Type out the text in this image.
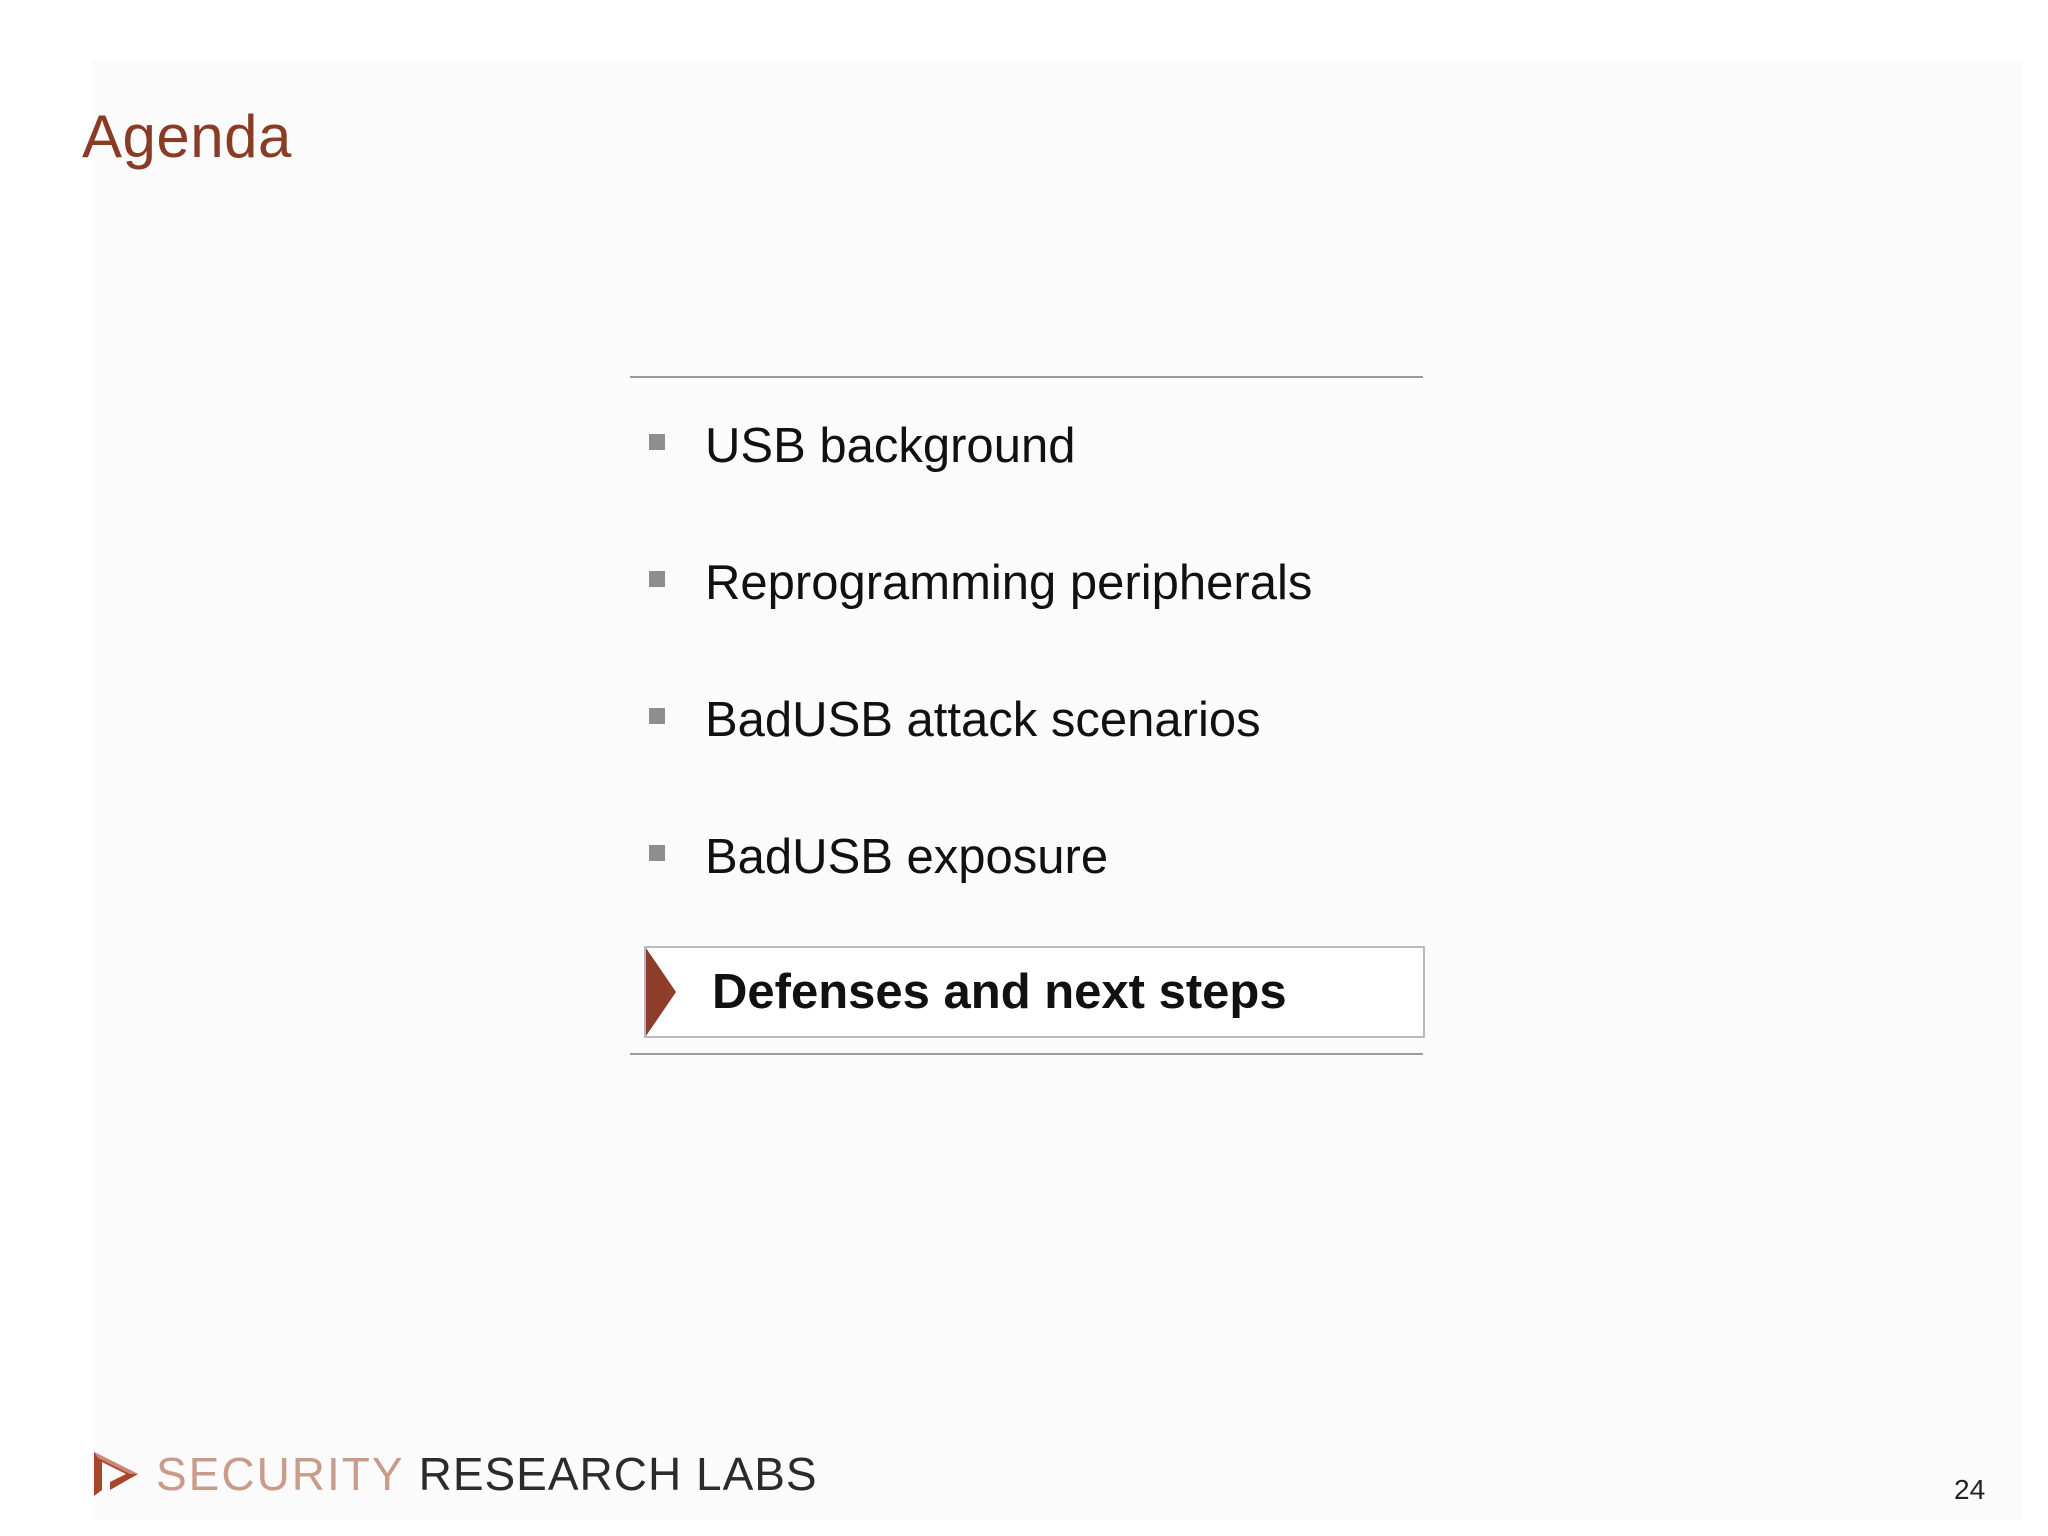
Agenda
USB background
Reprogramming peripherals
BadUSB attack scenarios
BadUSB exposure
Defenses and next steps
SECURITY RESEARCH LABS	24
